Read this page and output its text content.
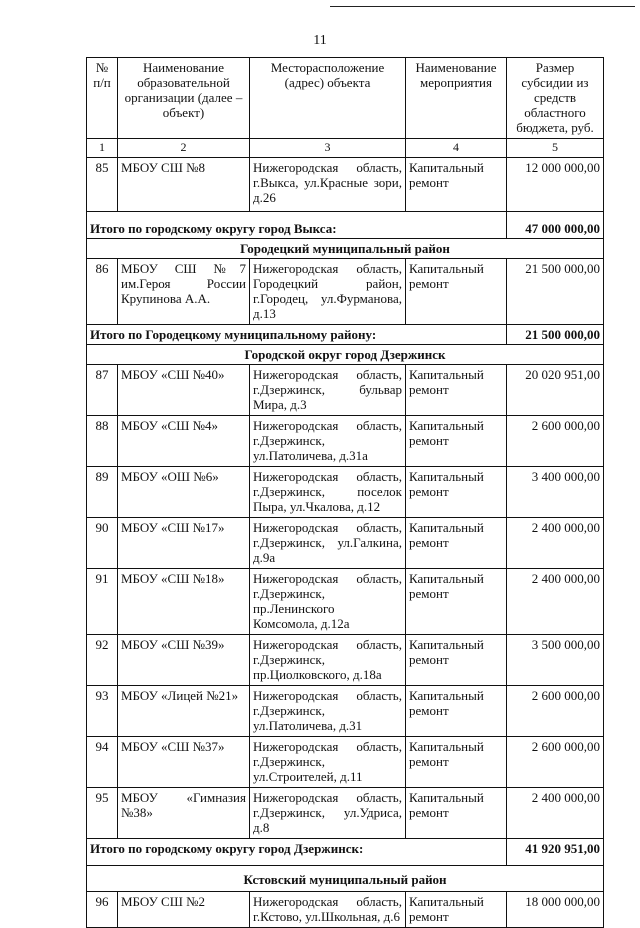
11
№ п/п	Наименование образовательной организации (далее – объект)	Месторасположение (адрес) объекта	Наименование мероприятия	Размер субсидии из средств областного бюджета, руб.
1	2	3	4	5
85	МБОУ СШ №8	Нижегородская область, г.Выкса, ул.Красные зори, д.26	Капитальный ремонт	12 000 000,00
Итого по городскому округу город Выкса:				47 000 000,00
Городецкий муниципальный район				
86	МБОУ СШ №7 им.Героя России Крупинова А.А.	Нижегородская область, Городецкий район, г.Городец, ул.Фурманова, д.13	Капитальный ремонт	21 500 000,00
Итого по Городецкому муниципальному району:				21 500 000,00
Городской округ город Дзержинск				
87	МБОУ «СШ №40»	Нижегородская область, г.Дзержинск, бульвар Мира, д.3	Капитальный ремонт	20 020 951,00
88	МБОУ «СШ №4»	Нижегородская область, г.Дзержинск, ул.Патоличева, д.31а	Капитальный ремонт	2 600 000,00
89	МБОУ «ОШ №6»	Нижегородская область, г.Дзержинск, поселок Пыра, ул.Чкалова, д.12	Капитальный ремонт	3 400 000,00
90	МБОУ «СШ №17»	Нижегородская область, г.Дзержинск, ул.Галкина, д.9а	Капитальный ремонт	2 400 000,00
91	МБОУ «СШ №18»	Нижегородская область, г.Дзержинск, пр.Ленинского Комсомола, д.12а	Капитальный ремонт	2 400 000,00
92	МБОУ «СШ №39»	Нижегородская область, г.Дзержинск, пр.Циолковского, д.18а	Капитальный ремонт	3 500 000,00
93	МБОУ «Лицей №21»	Нижегородская область, г.Дзержинск, ул.Патоличева, д.31	Капитальный ремонт	2 600 000,00
94	МБОУ «СШ №37»	Нижегородская область, г.Дзержинск, ул.Строителей, д.11	Капитальный ремонт	2 600 000,00
95	МБОУ «Гимназия №38»	Нижегородская область, г.Дзержинск, ул.Удриса, д.8	Капитальный ремонт	2 400 000,00
Итого по городскому округу город Дзержинск:				41 920 951,00
Кстовский муниципальный район				
96	МБОУ СШ №2	Нижегородская область, г.Кстово, ул.Школьная, д.6	Капитальный ремонт	18 000 000,00
